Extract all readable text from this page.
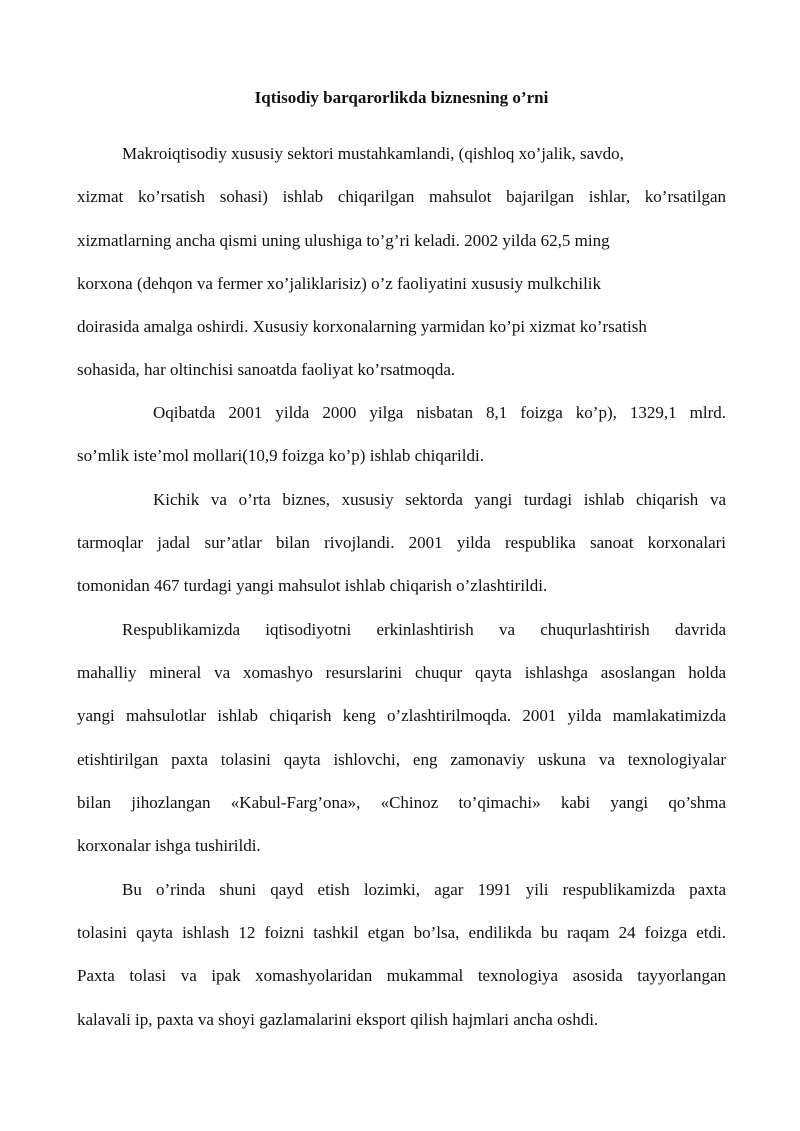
Iqtisodiy barqarorlikda biznesning o’rni

Makroiqtisodiy xususiy sektori mustahkamlandi, (qishloq xo’jalik, savdo,

xizmat ko’rsatish sohasi) ishlab chiqarilgan mahsulot bajarilgan ishlar, ko’rsatilgan

xizmatlarning ancha qismi uning ulushiga to’g’ri keladi. 2002 yilda 62,5 ming

korxona (dehqon va fermer xo’jaliklarisiz) o’z faoliyatini xususiy mulkchilik

doirasida amalga oshirdi. Xususiy korxonalarning yarmidan ko’pi xizmat ko’rsatish

sohasida, har oltinchisi sanoatda faoliyat ko’rsatmoqda.

Oqibatda 2001 yilda 2000 yilga nisbatan 8,1 foizga ko’p), 1329,1 mlrd.

so’mlik iste’mol mollari(10,9 foizga ko’p) ishlab chiqarildi.

Kichik va o’rta biznes, xususiy sektorda yangi turdagi ishlab chiqarish va

tarmoqlar jadal sur’atlar bilan rivojlandi. 2001 yilda respublika sanoat korxonalari

tomonidan 467 turdagi yangi mahsulot ishlab chiqarish o’zlashtirildi.

Respublikamizda iqtisodiyotni erkinlashtirish va chuqurlashtirish davrida

mahalliy mineral va xomashyo resurslarini chuqur qayta ishlashga asoslangan holda

yangi mahsulotlar ishlab chiqarish keng o’zlashtirilmoqda. 2001 yilda mamlakatimizda

etishtirilgan paxta tolasini qayta ishlovchi, eng zamonaviy uskuna va texnologiyalar

bilan jihozlangan «Kabul-Farg’ona», «Chinoz to’qimachi» kabi yangi qo’shma

korxonalar ishga tushirildi.

Bu o’rinda shuni qayd etish lozimki, agar 1991 yili respublikamizda paxta

tolasini qayta ishlash 12 foizni tashkil etgan bo’lsa, endilikda bu raqam 24 foizga etdi.

Paxta tolasi va ipak xomashyolaridan mukammal texnologiya asosida tayyorlangan

kalavali ip, paxta va shoyi gazlamalarini eksport qilish hajmlari ancha oshdi.
